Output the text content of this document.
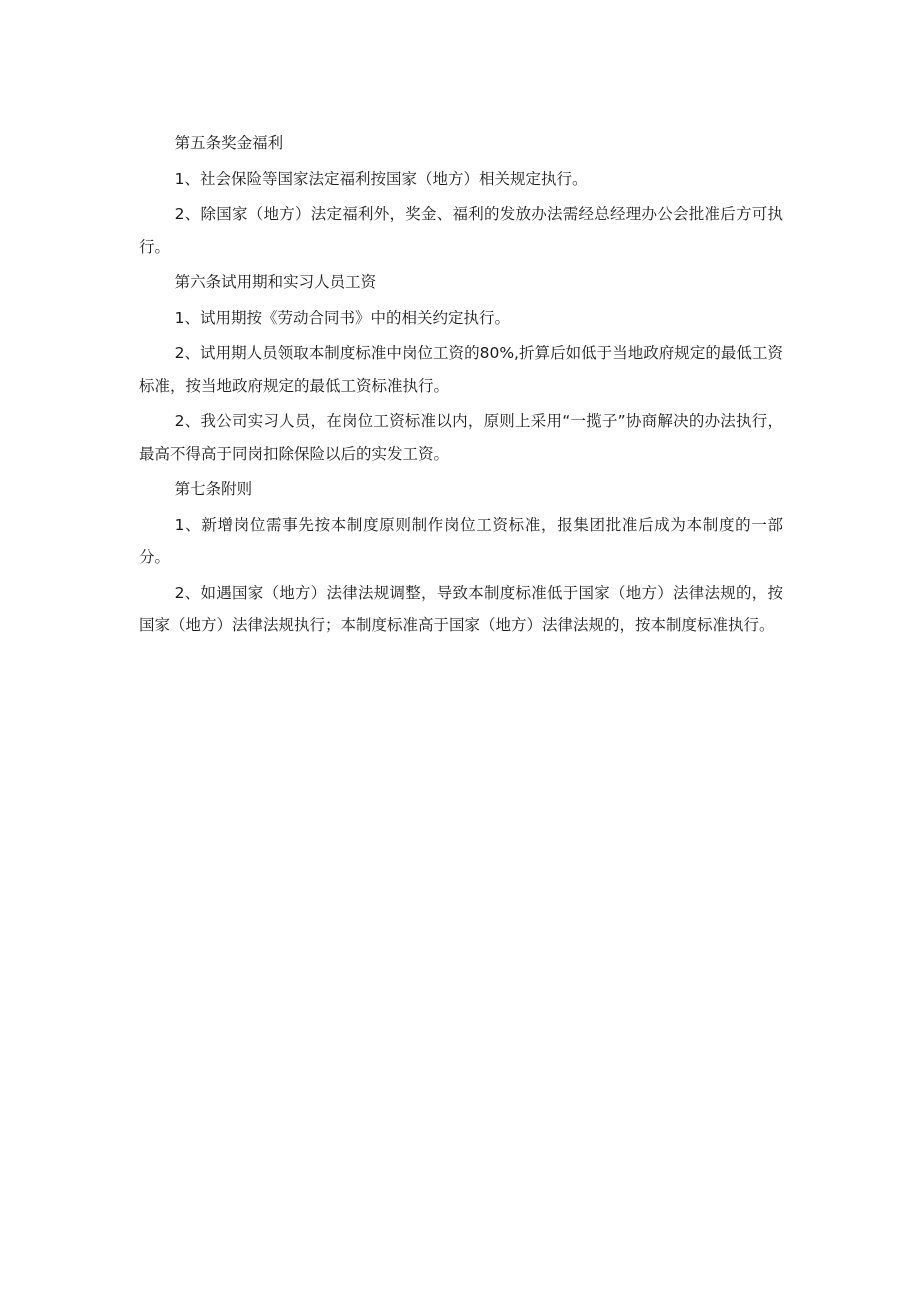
第五条奖金福利

1、社会保险等国家法定福利按国家（地方）相关规定执行。

2、除国家（地方）法定福利外，奖金、福利的发放办法需经总经理办公会批准后方可执行。

第六条试用期和实习人员工资

1、试用期按《劳动合同书》中的相关约定执行。

2、试用期人员领取本制度标准中岗位工资的80%,折算后如低于当地政府规定的最低工资标准，按当地政府规定的最低工资标准执行。

2、我公司实习人员，在岗位工资标准以内，原则上采用“一揽子”协商解决的办法执行，最高不得高于同岗扣除保险以后的实发工资。

第七条附则

1、新增岗位需事先按本制度原则制作岗位工资标准，报集团批准后成为本制度的一部分。

2、如遇国家（地方）法律法规调整，导致本制度标准低于国家（地方）法律法规的，按国家（地方）法律法规执行；本制度标准高于国家（地方）法律法规的，按本制度标准执行。
